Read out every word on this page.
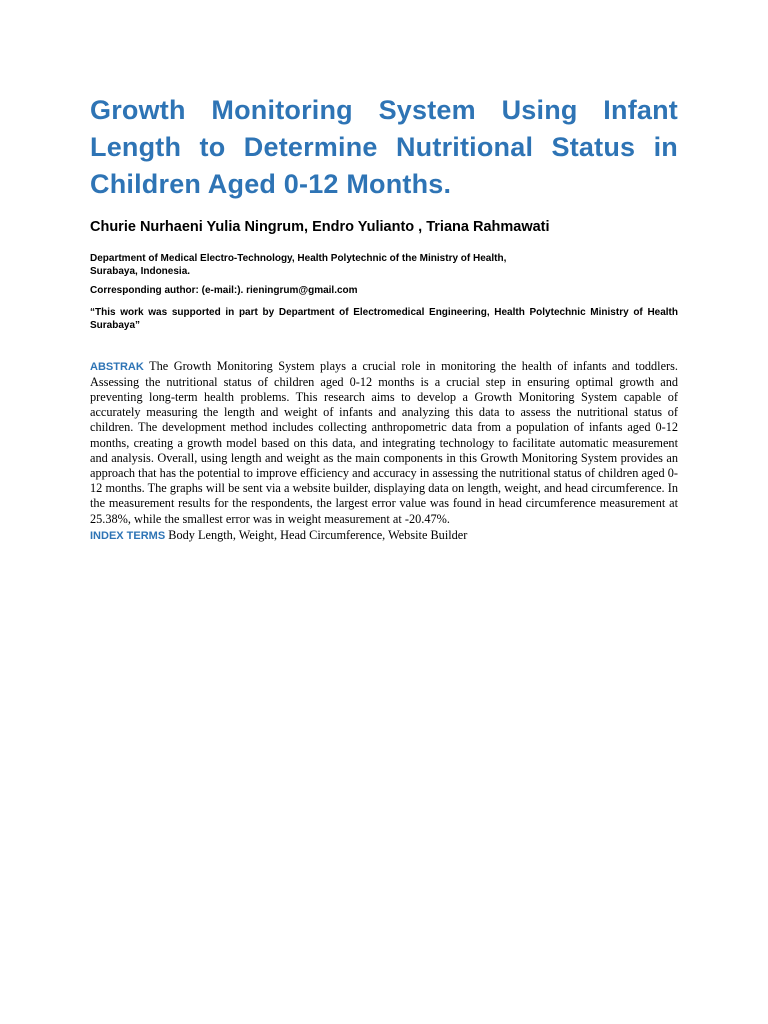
Growth Monitoring System Using Infant Length to Determine Nutritional Status in Children Aged 0-12 Months.
Churie Nurhaeni Yulia Ningrum, Endro Yulianto , Triana Rahmawati
Department of Medical Electro-Technology, Health Polytechnic of the Ministry of Health,
Surabaya, Indonesia.
Corresponding author: (e-mail:). rieningrum@gmail.com
“This work was supported in part by Department of Electromedical Engineering, Health Polytechnic Ministry of Health Surabaya”

ABSTRAK The Growth Monitoring System plays a crucial role in monitoring the health of infants and toddlers. Assessing the nutritional status of children aged 0-12 months is a crucial step in ensuring optimal growth and preventing long-term health problems. This research aims to develop a Growth Monitoring System capable of accurately measuring the length and weight of infants and analyzing this data to assess the nutritional status of children. The development method includes collecting anthropometric data from a population of infants aged 0-12 months, creating a growth model based on this data, and integrating technology to facilitate automatic measurement and analysis. Overall, using length and weight as the main components in this Growth Monitoring System provides an approach that has the potential to improve efficiency and accuracy in assessing the nutritional status of children aged 0-12 months. The graphs will be sent via a website builder, displaying data on length, weight, and head circumference. In the measurement results for the respondents, the largest error value was found in head circumference measurement at 25.38%, while the smallest error was in weight measurement at -20.47%.

INDEX TERMS Body Length, Weight, Head Circumference, Website Builder
